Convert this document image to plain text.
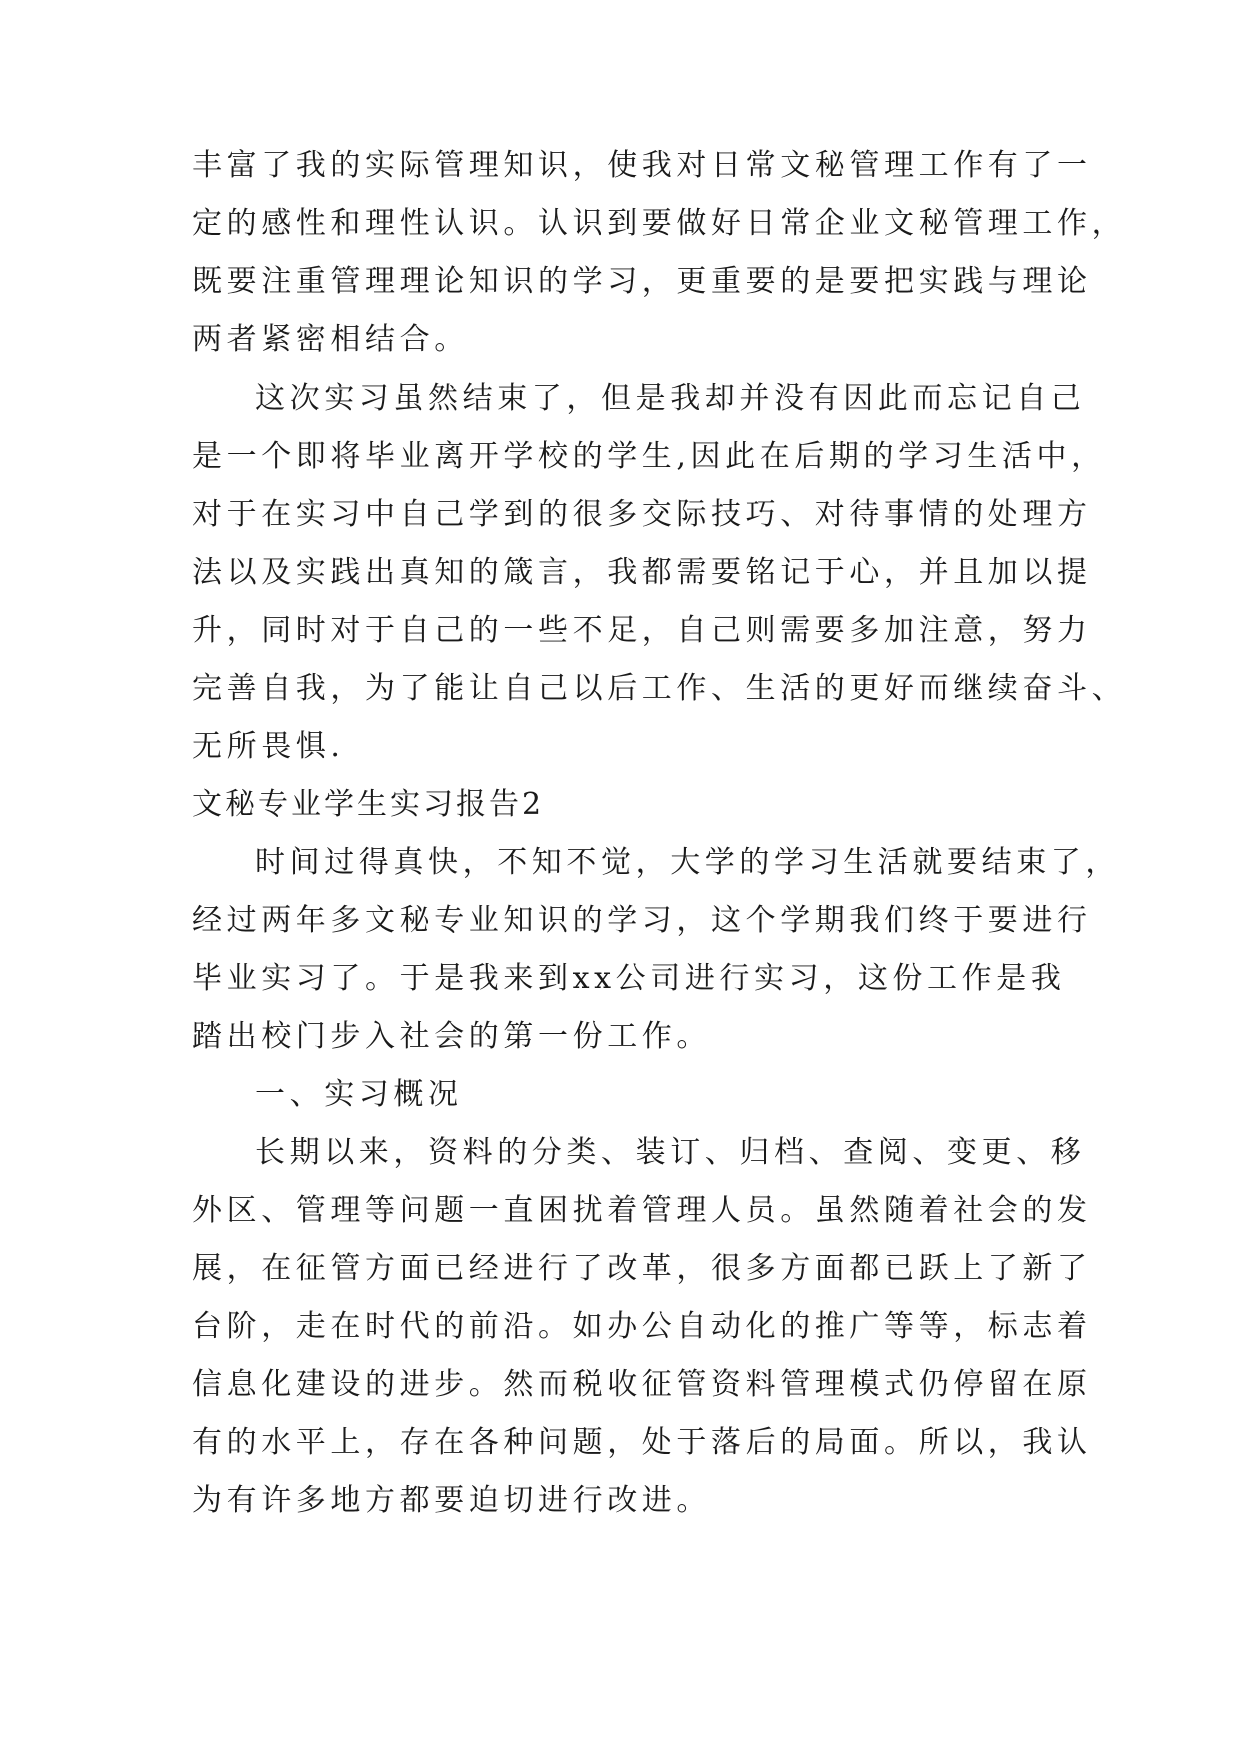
丰富了我的实际管理知识，使我对日常文秘管理工作有了一
定的感性和理性认识。认识到要做好日常企业文秘管理工作，
既要注重管理理论知识的学习，更重要的是要把实践与理论
两者紧密相结合。
这次实习虽然结束了，但是我却并没有因此而忘记自己
是一个即将毕业离开学校的学生,因此在后期的学习生活中，
对于在实习中自己学到的很多交际技巧、对待事情的处理方
法以及实践出真知的箴言，我都需要铭记于心，并且加以提
升，同时对于自己的一些不足，自己则需要多加注意，努力
完善自我，为了能让自己以后工作、生活的更好而继续奋斗、
无所畏惧.
文秘专业学生实习报告2
时间过得真快，不知不觉，大学的学习生活就要结束了，
经过两年多文秘专业知识的学习，这个学期我们终于要进行
毕业实习了。于是我来到xx公司进行实习，这份工作是我
踏出校门步入社会的第一份工作。
一、实习概况
长期以来，资料的分类、装订、归档、查阅、变更、移
外区、管理等问题一直困扰着管理人员。虽然随着社会的发
展，在征管方面已经进行了改革，很多方面都已跃上了新了
台阶，走在时代的前沿。如办公自动化的推广等等，标志着
信息化建设的进步。然而税收征管资料管理模式仍停留在原
有的水平上，存在各种问题，处于落后的局面。所以，我认
为有许多地方都要迫切进行改进。
